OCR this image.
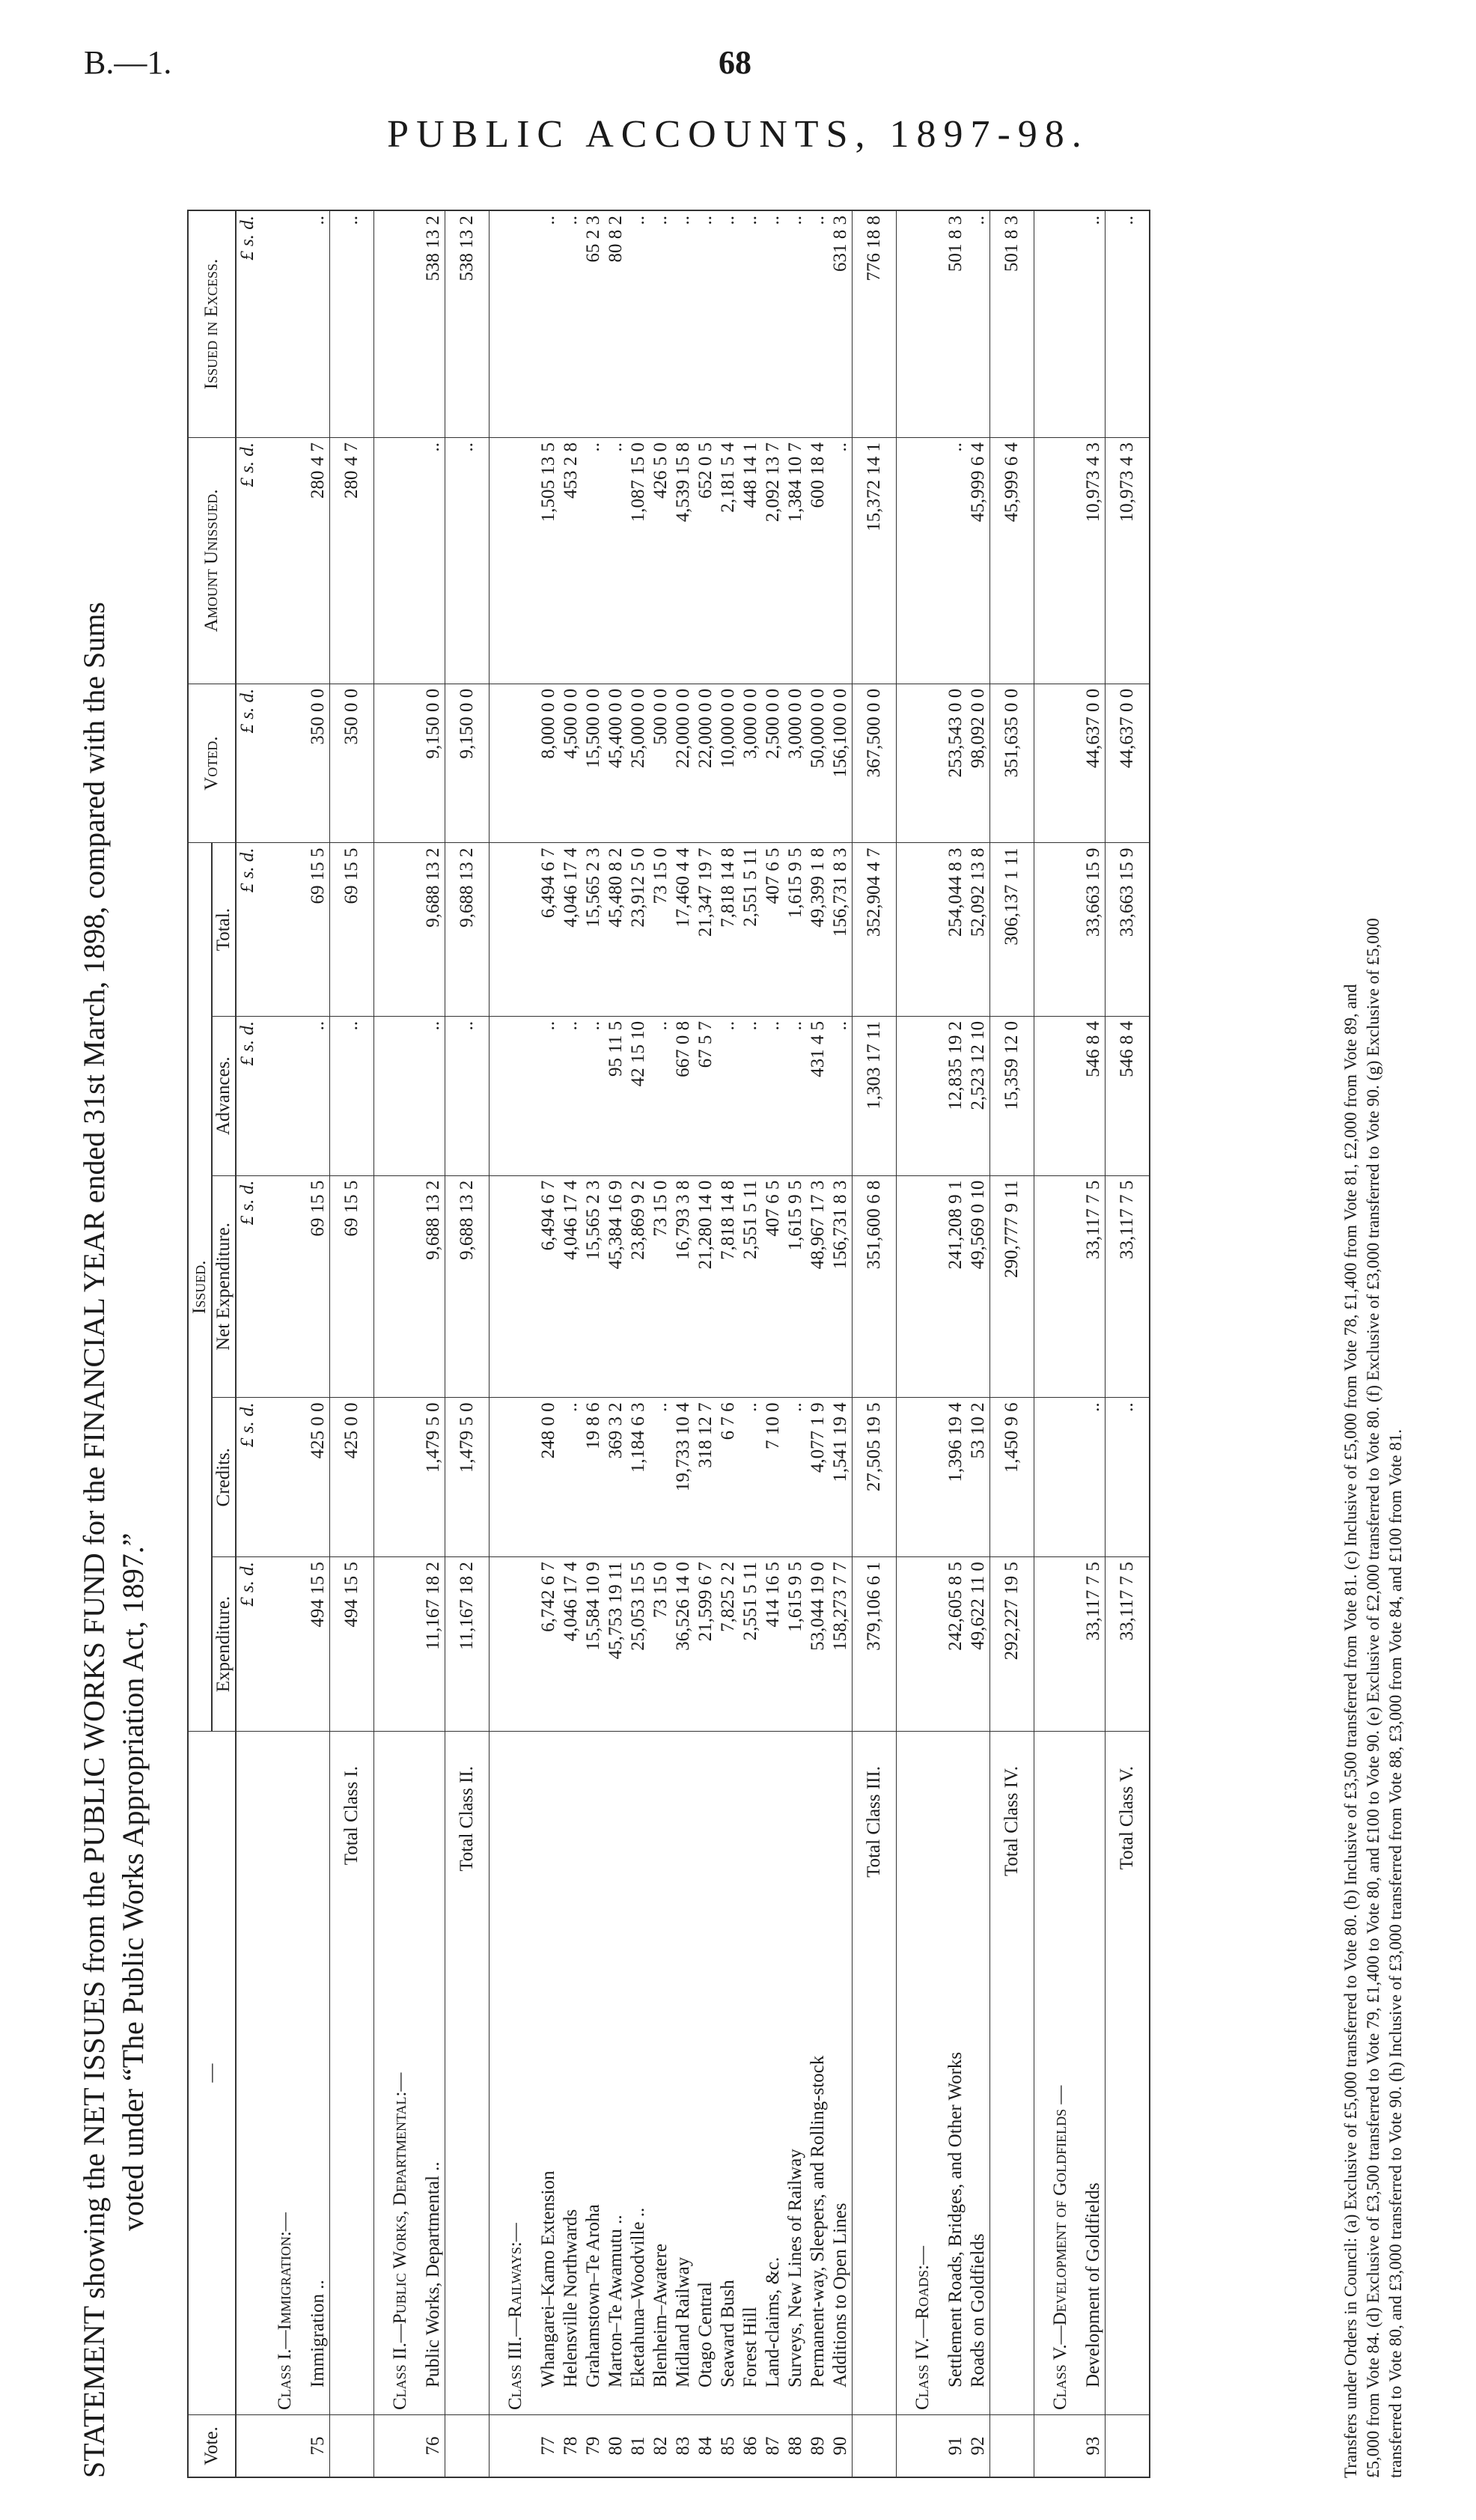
B.—1.	68
PUBLIC ACCOUNTS, 1897-98.
STATEMENT showing the NET ISSUES from the PUBLIC WORKS FUND for the FINANCIAL YEAR ended 31st March, 1898, compared with the Sums voted under “The Public Works Appropriation Act, 1897.”
Vote.	—	Issued.					Voted.	Amount Unissued.	Issued in Excess.
		Expenditure.	Credits.	Net Expenditure.	Advances.	Total.			
		£ s. d.	£ s. d.	£ s. d.	£ s. d.	£ s. d.	£ s. d.	£ s. d.	£ s. d.
	Class I.—Immigration:—								
75	Immigration ..	494 15 5	425 0 0	69 15 5	..	69 15 5	350 0 0	280 4 7	..

	Total Class I.	494 15 5	425 0 0	69 15 5	..	69 15 5	350 0 0	280 4 7	..
	Class II.—Public Works, Departmental:—								
76	Public Works, Departmental ..	11,167 18 2	1,479 5 0	9,688 13 2	..	9,688 13 2	9,150 0 0	..	538 13 2

	Total Class II.	11,167 18 2	1,479 5 0	9,688 13 2	..	9,688 13 2	9,150 0 0	..	538 13 2
	Class III.—Railways:—								
77	Whangarei–Kamo Extension	6,742 6 7	248 0 0	6,494 6 7	..	6,494 6 7	8,000 0 0	1,505 13 5	..
78	Helensville Northwards	4,046 17 4	..	4,046 17 4	..	4,046 17 4	4,500 0 0	453 2 8	..
79	Grahamstown–Te Aroha	15,584 10 9	19 8 6	15,565 2 3	..	15,565 2 3	15,500 0 0	..	65 2 3
80	Marton–Te Awamutu ..	45,753 19 11	369 3 2	45,384 16 9	95 11 5	45,480 8 2	45,400 0 0	..	80 8 2
81	Eketahuna–Woodville ..	25,053 15 5	1,184 6 3	23,869 9 2	42 15 10	23,912 5 0	25,000 0 0	1,087 15 0	..
82	Blenheim–Awatere	73 15 0	..	73 15 0	..	73 15 0	500 0 0	426 5 0	..
83	Midland Railway	36,526 14 0	19,733 10 4	16,793 3 8	667 0 8	17,460 4 4	22,000 0 0	4,539 15 8	..
84	Otago Central	21,599 6 7	318 12 7	21,280 14 0	67 5 7	21,347 19 7	22,000 0 0	652 0 5	..
85	Seaward Bush	7,825 2 2	6 7 6	7,818 14 8	..	7,818 14 8	10,000 0 0	2,181 5 4	..
86	Forest Hill	2,551 5 11	..	2,551 5 11	..	2,551 5 11	3,000 0 0	448 14 1	..
87	Land-claims, &c.	414 16 5	7 10 0	407 6 5	..	407 6 5	2,500 0 0	2,092 13 7	..
88	Surveys, New Lines of Railway	1,615 9 5	..	1,615 9 5	..	1,615 9 5	3,000 0 0	1,384 10 7	..
89	Permanent-way, Sleepers, and Rolling-stock	53,044 19 0	4,077 1 9	48,967 17 3	431 4 5	49,399 1 8	50,000 0 0	600 18 4	..
90	Additions to Open Lines	158,273 7 7	1,541 19 4	156,731 8 3	..	156,731 8 3	156,100 0 0	..	631 8 3

	Total Class III.	379,106 6 1	27,505 19 5	351,600 6 8	1,303 17 11	352,904 4 7	367,500 0 0	15,372 14 1	776 18 8
	Class IV.—Roads:—								
91	Settlement Roads, Bridges, and Other Works	242,605 8 5	1,396 19 4	241,208 9 1	12,835 19 2	254,044 8 3	253,543 0 0	..	501 8 3
92	Roads on Goldfields	49,622 11 0	53 10 2	49,569 0 10	2,523 12 10	52,092 13 8	98,092 0 0	45,999 6 4	..

	Total Class IV.	292,227 19 5	1,450 9 6	290,777 9 11	15,359 12 0	306,137 1 11	351,635 0 0	45,999 6 4	501 8 3
	Class V.—Development of Goldfields —								
93	Development of Goldfields	33,117 7 5	..	33,117 7 5	546 8 4	33,663 15 9	44,637 0 0	10,973 4 3	..

	Total Class V.	33,117 7 5	..	33,117 7 5	546 8 4	33,663 15 9	44,637 0 0	10,973 4 3	..
Transfers under Orders in Council: (a) Exclusive of £5,000 transferred to Vote 80. (b) Inclusive of £3,500 transferred from Vote 81. (c) Inclusive of £5,000 from Vote 78, £1,400 from Vote 81, £2,000 from Vote 89, and £5,000 from Vote 84. (d) Exclusive of £3,500 transferred to Vote 79, £1,400 to Vote 80, and £100 to Vote 90. (e) Exclusive of £2,000 transferred to Vote 80. (f) Exclusive of £3,000 transferred to Vote 90. (g) Exclusive of £5,000 transferred to Vote 80, and £3,000 transferred to Vote 90. (h) Inclusive of £3,000 transferred from Vote 88, £3,000 from Vote 84, and £100 from Vote 81.
